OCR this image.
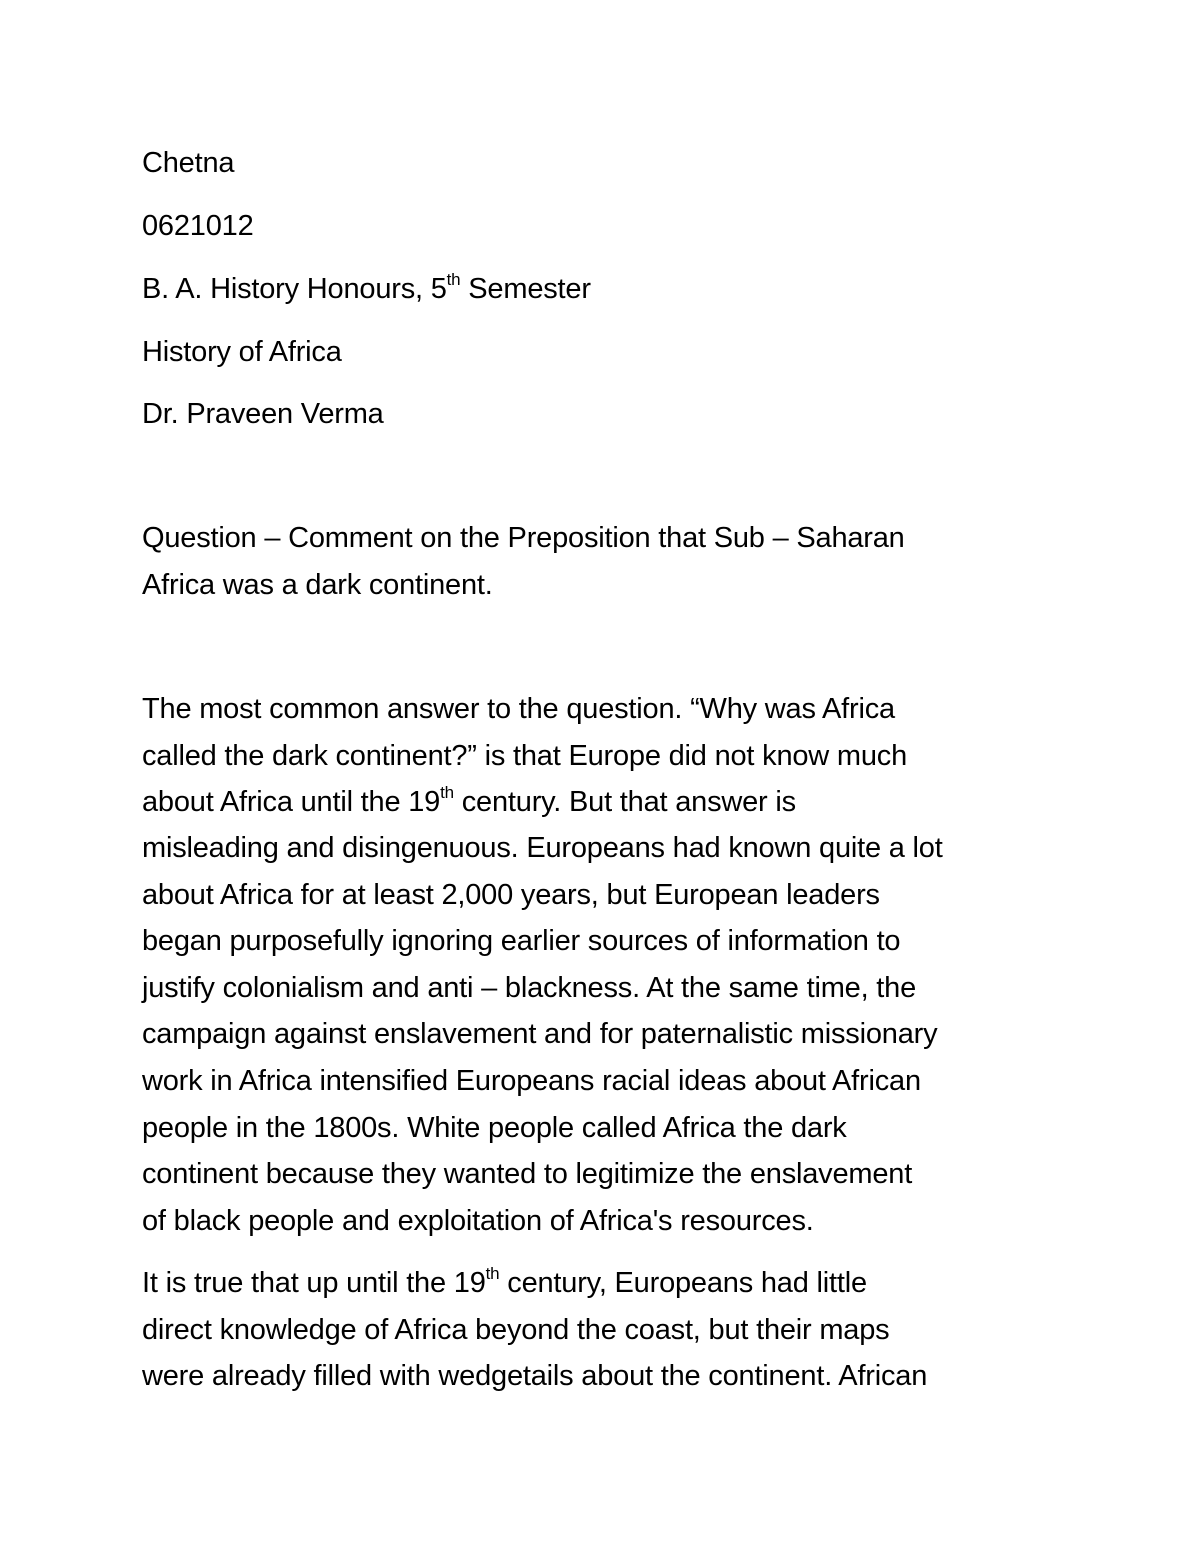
Chetna
0621012
B. A. History Honours, 5th Semester
History of Africa
Dr. Praveen Verma
Question – Comment on the Preposition that Sub – Saharan
Africa was a dark continent.
The most common answer to the question. “Why was Africa
called the dark continent?” is that Europe did not know much
about Africa until the 19th century. But that answer is
misleading and disingenuous. Europeans had known quite a lot
about Africa for at least 2,000 years, but European leaders
began purposefully ignoring earlier sources of information to
justify colonialism and anti – blackness. At the same time, the
campaign against enslavement and for paternalistic missionary
work in Africa intensified Europeans racial ideas about African
people in the 1800s. White people called Africa the dark
continent because they wanted to legitimize the enslavement
of black people and exploitation of Africa's resources.
It is true that up until the 19th century, Europeans had little
direct knowledge of Africa beyond the coast, but their maps
were already filled with wedgetails about the continent. African
